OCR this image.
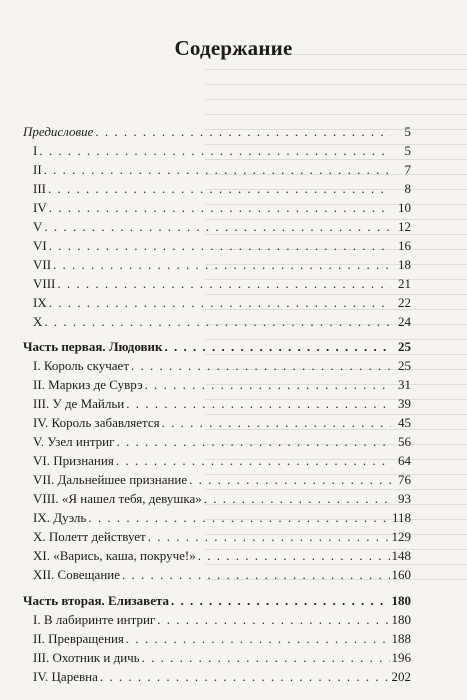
Содержание
Предисловие . . .	5
I . . .	5
II . . .	7
III . . .	8
IV . . .	10
V . . .	12
VI . . .	16
VII . . .	18
VIII . . .	21
IX . . .	22
X . . .	24
Часть первая. Людовик . . .	25
I. Король скучает . . .	25
II. Маркиз де Суврэ . . .	31
III. У де Майльи . . .	39
IV. Король забавляется . . .	45
V. Узел интриг . . .	56
VI. Признания . . .	64
VII. Дальнейшее признание . . .	76
VIII. «Я нашел тебя, девушка» . . .	93
IX. Дуэль . . .	118
X. Полетт действует . . .	129
XI. «Варись, каша, покруче!» . . .	148
XII. Совещание . . .	160
Часть вторая. Елизавета . . .	180
I. В лабиринте интриг . . .	180
II. Превращения . . .	188
III. Охотник и дичь . . .	196
IV. Царевна . . .	202
